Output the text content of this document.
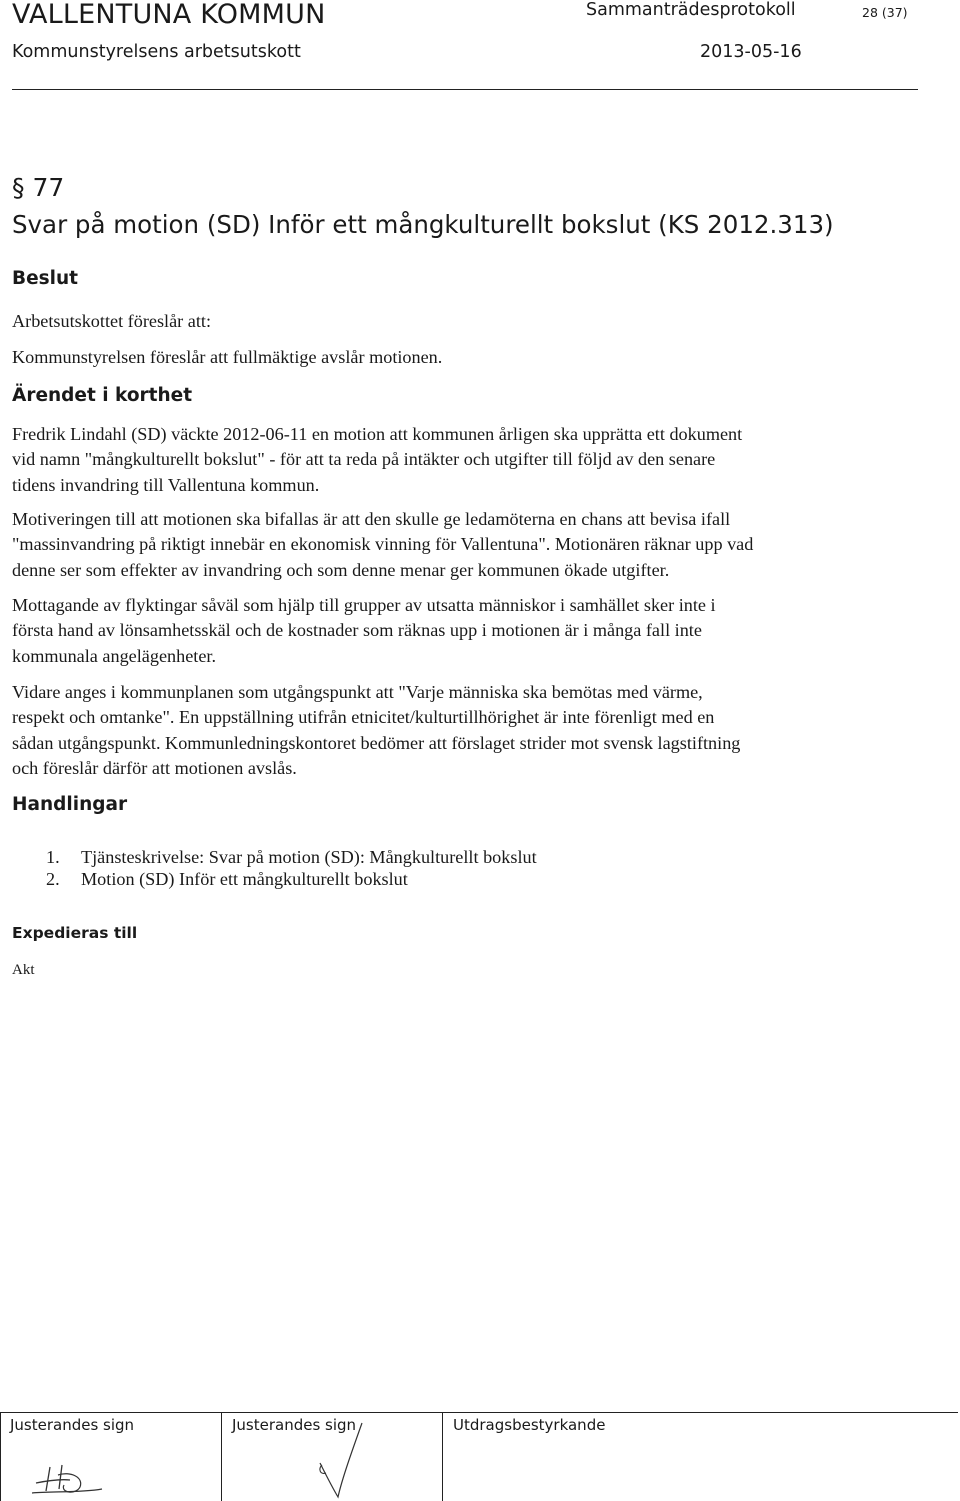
VALLENTUNA KOMMUN	Sammanträdesprotokoll	28 (37)
Kommunstyrelsens arbetsutskott	2013-05-16
§ 77
Svar på motion (SD) Inför ett mångkulturellt bokslut (KS 2012.313)
Beslut
Arbetsutskottet föreslår att:
Kommunstyrelsen föreslår att fullmäktige avslår motionen.
Ärendet i korthet
Fredrik Lindahl (SD) väckte 2012-06-11 en motion att kommunen årligen ska upprätta ett dokument
vid namn "mångkulturellt bokslut" - för att ta reda på intäkter och utgifter till följd av den senare
tidens invandring till Vallentuna kommun.
Motiveringen till att motionen ska bifallas är att den skulle ge ledamöterna en chans att bevisa ifall
"massinvandring på riktigt innebär en ekonomisk vinning för Vallentuna". Motionären räknar upp vad
denne ser som effekter av invandring och som denne menar ger kommunen ökade utgifter.
Mottagande av flyktingar såväl som hjälp till grupper av utsatta människor i samhället sker inte i
första hand av lönsamhetsskäl och de kostnader som räknas upp i motionen är i många fall inte
kommunala angelägenheter.
Vidare anges i kommunplanen som utgångspunkt att "Varje människa ska bemötas med värme,
respekt och omtanke". En uppställning utifrån etnicitet/kulturtillhörighet är inte förenligt med en
sådan utgångspunkt. Kommunledningskontoret bedömer att förslaget strider mot svensk lagstiftning
och föreslår därför att motionen avslås.
Handlingar
1. Tjänsteskrivelse: Svar på motion (SD): Mångkulturellt bokslut
2. Motion (SD) Inför ett mångkulturellt bokslut
Expedieras till
Akt
Justerandes sign	Justerandes sign	Utdragsbestyrkande
